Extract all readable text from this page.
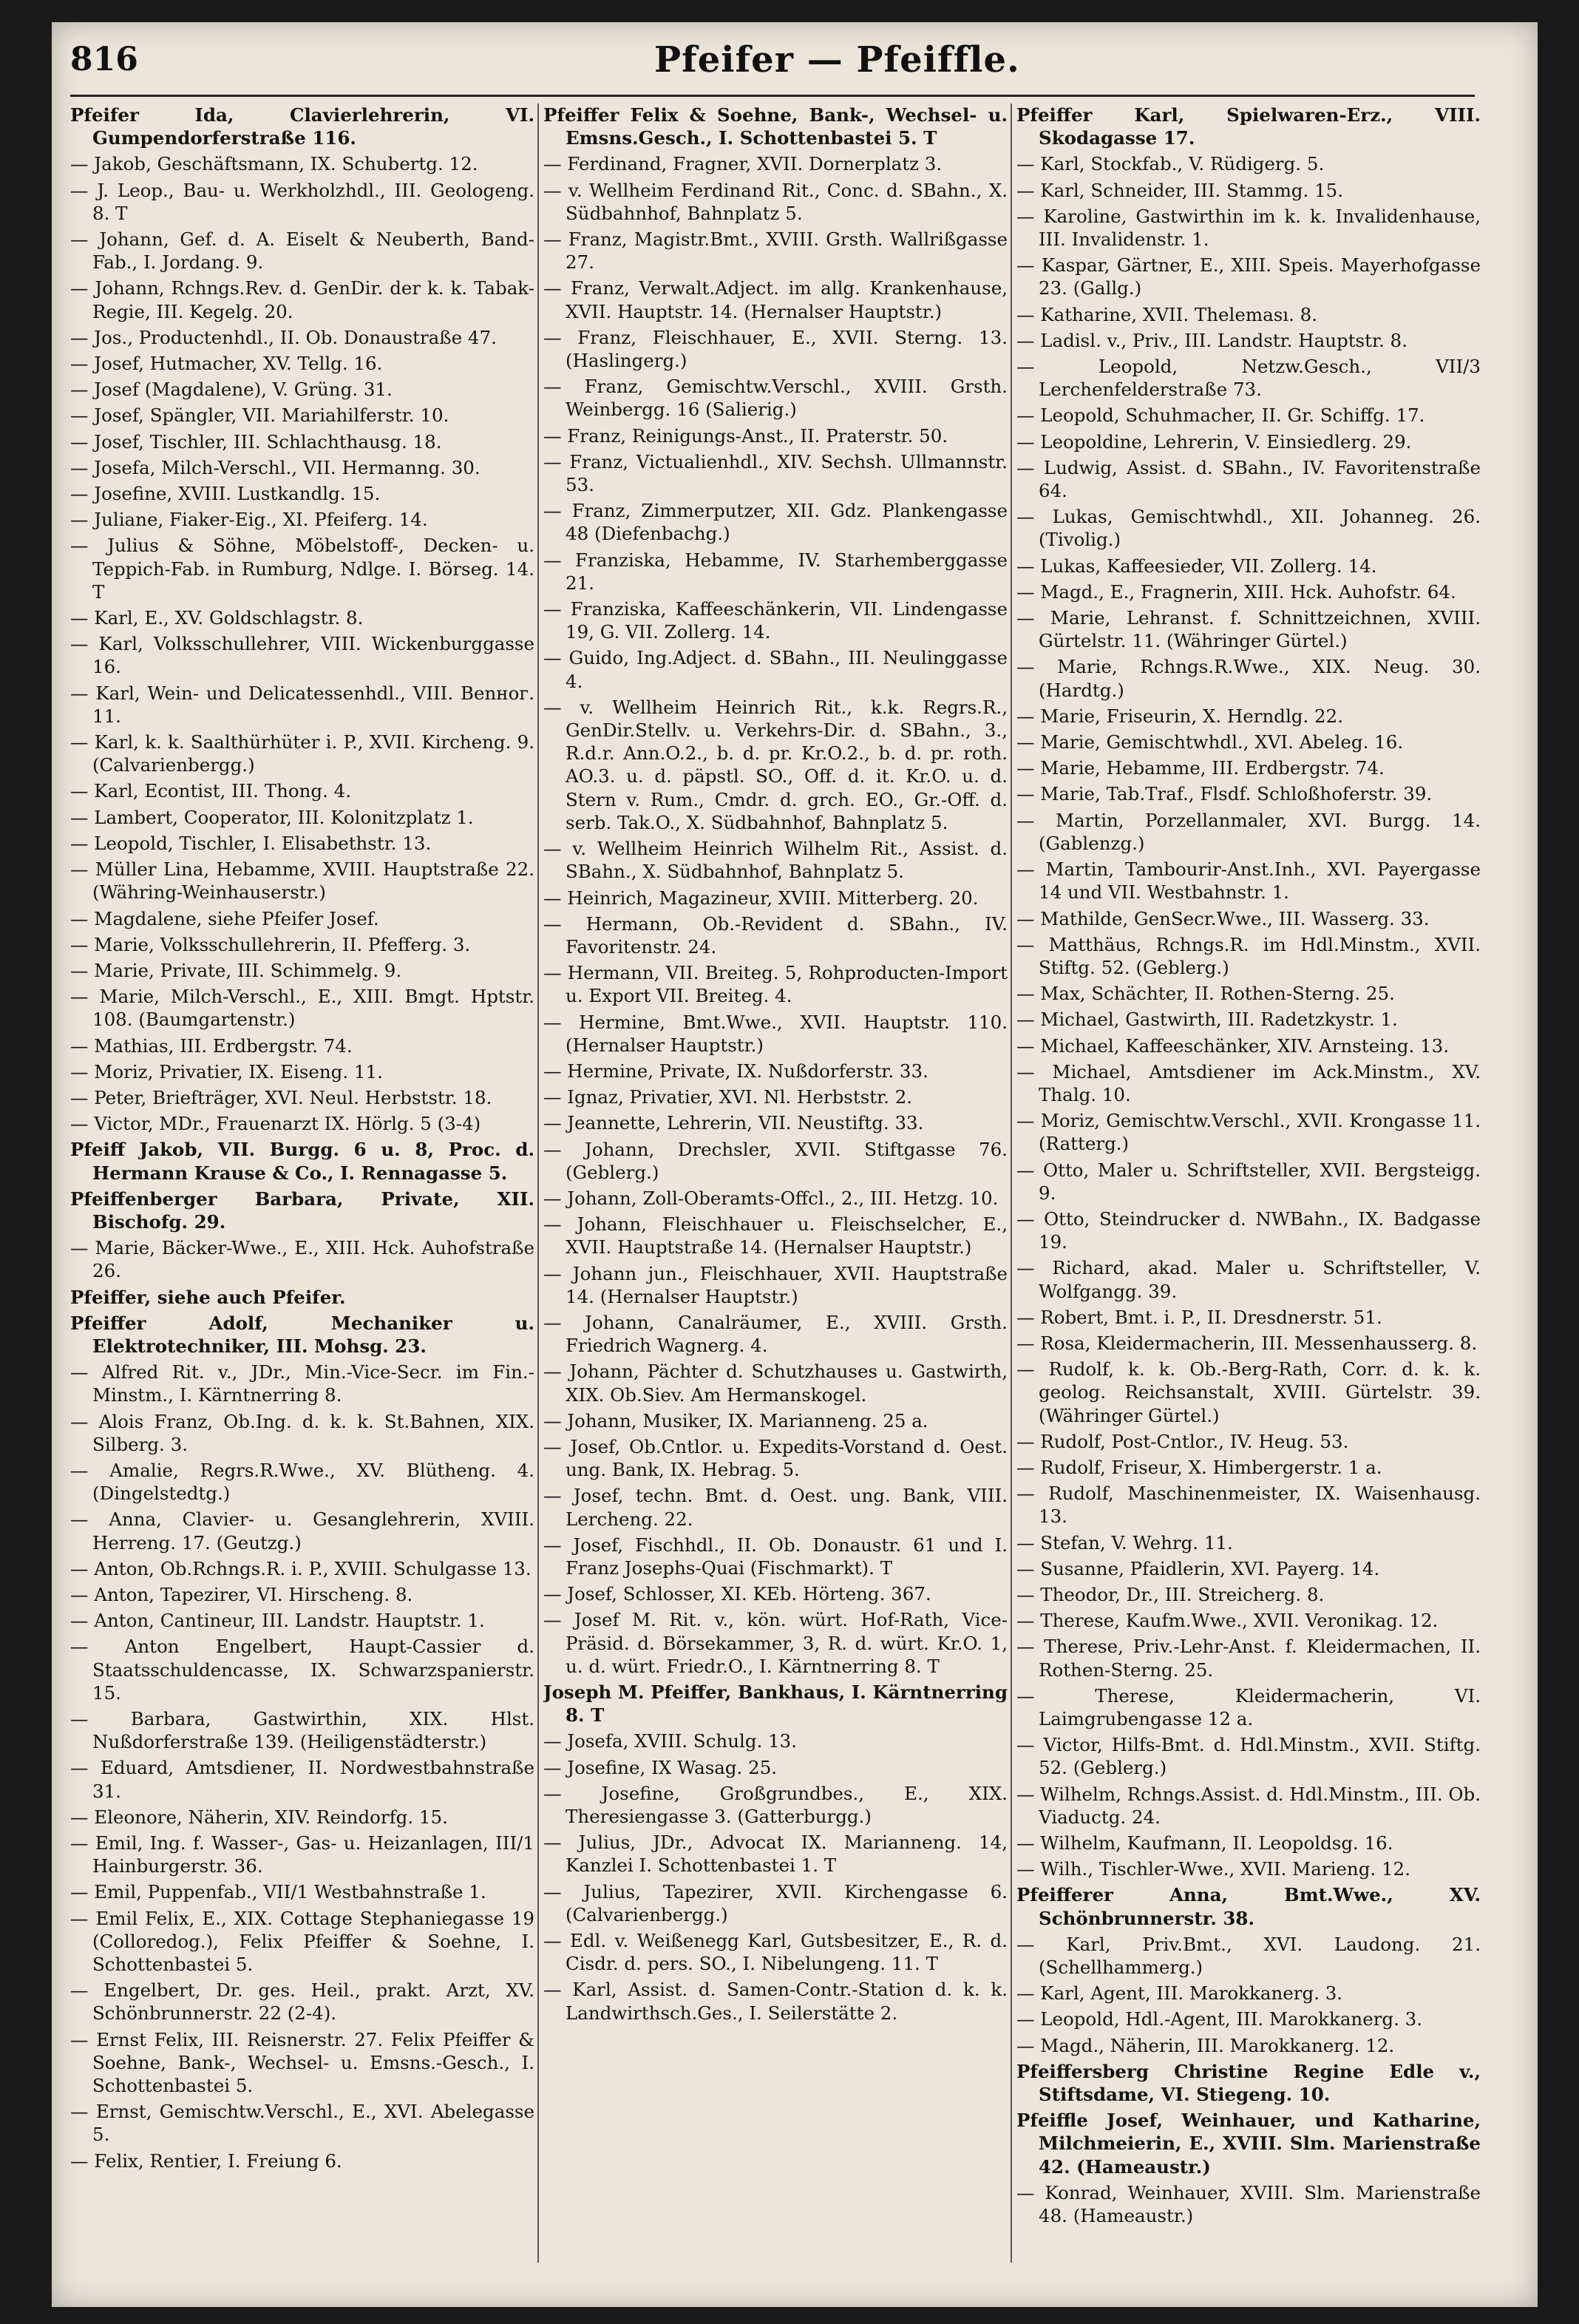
816	Pfeifer — Pfeiffle.
Pfeifer Ida, Clavierlehrerin, VI. Gumpendorferstraße 116.
— Jakob, Geschäftsmann, IX. Schubertg. 12.
— J. Leop., Bau- u. Werkholzhdl., III. Geologeng. 8. T
— Johann, Gef. d. A. Eiselt & Neuberth, Band-Fab., I. Jordang. 9.
— Johann, Rchngs.Rev. d. GenDir. der k. k. Tabak-Regie, III. Kegelg. 20.
— Jos., Productenhdl., II. Ob. Donaustraße 47.
— Josef, Hutmacher, XV. Tellg. 16.
— Josef (Magdalene), V. Grüng. 31.
— Josef, Spängler, VII. Mariahilferstr. 10.
— Josef, Tischler, III. Schlachthausg. 18.
— Josefa, Milch-Verschl., VII. Hermanng. 30.
— Josefine, XVIII. Lustkandlg. 15.
— Juliane, Fiaker-Eig., XI. Pfeiferg. 14.
— Julius & Söhne, Möbelstoff-, Decken- u. Teppich-Fab. in Rumburg, Ndlge. I. Börseg. 14. T
— Karl, E., XV. Goldschlagstr. 8.
— Karl, Volksschullehrer, VIII. Wickenburggasse 16.
— Karl, Wein- und Delicatessenhdl., VIII. Benног. 11.
— Karl, k. k. Saalthürhüter i. P., XVII. Kircheng. 9. (Calvarienbergg.)
— Karl, Econtist, III. Thong. 4.
— Lambert, Cooperator, III. Kolonitzplatz 1.
— Leopold, Tischler, I. Elisabethstr. 13.
— Müller Lina, Hebamme, XVIII. Hauptstraße 22. (Währing-Weinhauserstr.)
— Magdalene, siehe Pfeifer Josef.
— Marie, Volksschullehrerin, II. Pfefferg. 3.
— Marie, Private, III. Schimmelg. 9.
— Marie, Milch-Verschl., E., XIII. Bmgt. Hptstr. 108. (Baumgartenstr.)
— Mathias, III. Erdbergstr. 74.
— Moriz, Privatier, IX. Eiseng. 11.
— Peter, Briefträger, XVI. Neul. Herbststr. 18.
— Victor, MDr., Frauenarzt IX. Hörlg. 5 (3-4)
Pfeiff Jakob, VII. Burgg. 6 u. 8, Proc. d. Hermann Krause & Co., I. Rennagasse 5.
Pfeiffenberger Barbara, Private, XII. Bischofg. 29.
— Marie, Bäcker-Wwe., E., XIII. Hck. Auhofstraße 26.
Pfeiffer, siehe auch Pfeifer.
Pfeiffer Adolf, Mechaniker u. Elektrotechniker, III. Mohsg. 23.
— Alfred Rit. v., JDr., Min.-Vice-Secr. im Fin.-Minstm., I. Kärntnerring 8.
— Alois Franz, Ob.Ing. d. k. k. St.Bahnen, XIX. Silberg. 3.
— Amalie, Regrs.R.Wwe., XV. Blütheng. 4. (Dingelstedtg.)
— Anna, Clavier- u. Gesanglehrerin, XVIII. Herreng. 17. (Geutzg.)
— Anton, Ob.Rchngs.R. i. P., XVIII. Schulgasse 13.
— Anton, Tapezirer, VI. Hirscheng. 8.
— Anton, Cantineur, III. Landstr. Hauptstr. 1.
— Anton Engelbert, Haupt-Cassier d. Staatsschuldencasse, IX. Schwarzspanierstr. 15.
— Barbara, Gastwirthin, XIX. Hlst. Nußdorferstraße 139. (Heiligenstädterstr.)
— Eduard, Amtsdiener, II. Nordwestbahnstraße 31.
— Eleonore, Näherin, XIV. Reindorfg. 15.
— Emil, Ing. f. Wasser-, Gas- u. Heizanlagen, III/1 Hainburgerstr. 36.
— Emil, Puppenfab., VII/1 Westbahnstraße 1.
— Emil Felix, E., XIX. Cottage Stephaniegasse 19 (Colloredog.), Felix Pfeiffer & Soehne, I. Schottenbastei 5.
— Engelbert, Dr. ges. Heil., prakt. Arzt, XV. Schönbrunnerstr. 22 (2-4).
— Ernst Felix, III. Reisnerstr. 27. Felix Pfeiffer & Soehne, Bank-, Wechsel- u. Emsns.-Gesch., I. Schottenbastei 5.
— Ernst, Gemischtw.Verschl., E., XVI. Abelegasse 5.
— Felix, Rentier, I. Freiung 6.
Pfeiffer Felix & Soehne, Bank-, Wechsel- u. Emsns.Gesch., I. Schottenbastei 5. T
— Ferdinand, Fragner, XVII. Dornerplatz 3.
— v. Wellheim Ferdinand Rit., Conc. d. SBahn., X. Südbahnhof, Bahnplatz 5.
— Franz, Magistr.Bmt., XVIII. Grsth. Wallrißgasse 27.
— Franz, Verwalt.Adject. im allg. Krankenhause, XVII. Hauptstr. 14. (Hernalser Hauptstr.)
— Franz, Fleischhauer, E., XVII. Sterng. 13. (Haslingerg.)
— Franz, Gemischtw.Verschl., XVIII. Grsth. Weinbergg. 16 (Salierig.)
— Franz, Reinigungs-Anst., II. Praterstr. 50.
— Franz, Victualienhdl., XIV. Sechsh. Ullmannstr. 53.
— Franz, Zimmerputzer, XII. Gdz. Plankengasse 48 (Diefenbachg.)
— Franziska, Hebamme, IV. Starhemberggasse 21.
— Franziska, Kaffeeschänkerin, VII. Lindengasse 19, G. VII. Zollerg. 14.
— Guido, Ing.Adject. d. SBahn., III. Neulinggasse 4.
— v. Wellheim Heinrich Rit., k.k. Regrs.R., GenDir.Stellv. u. Verkehrs-Dir. d. SBahn., 3., R.d.r. Ann.O.2., b. d. pr. Kr.O.2., b. d. pr. roth. AO.3. u. d. päpstl. SO., Off. d. it. Kr.O. u. d. Stern v. Rum., Cmdr. d. grch. EO., Gr.-Off. d. serb. Tak.O., X. Südbahnhof, Bahnplatz 5.
— v. Wellheim Heinrich Wilhelm Rit., Assist. d. SBahn., X. Südbahnhof, Bahnplatz 5.
— Heinrich, Magazineur, XVIII. Mitterberg. 20.
— Hermann, Ob.-Revident d. SBahn., IV. Favoritenstr. 24.
— Hermann, VII. Breiteg. 5, Rohproducten-Import u. Export VII. Breiteg. 4.
— Hermine, Bmt.Wwe., XVII. Hauptstr. 110. (Hernalser Hauptstr.)
— Hermine, Private, IX. Nußdorferstr. 33.
— Ignaz, Privatier, XVI. Nl. Herbststr. 2.
— Jeannette, Lehrerin, VII. Neustiftg. 33.
— Johann, Drechsler, XVII. Stiftgasse 76. (Geblerg.)
— Johann, Zoll-Oberamts-Offcl., 2., III. Hetzg. 10.
— Johann, Fleischhauer u. Fleischselcher, E., XVII. Hauptstraße 14. (Hernalser Hauptstr.)
— Johann jun., Fleischhauer, XVII. Hauptstraße 14. (Hernalser Hauptstr.)
— Johann, Canalräumer, E., XVIII. Grsth. Friedrich Wagnerg. 4.
— Johann, Pächter d. Schutzhauses u. Gastwirth, XIX. Ob.Siev. Am Hermanskogel.
— Johann, Musiker, IX. Marianneng. 25 a.
— Josef, Ob.Cntlor. u. Expedits-Vorstand d. Oest. ung. Bank, IX. Hebrag. 5.
— Josef, techn. Bmt. d. Oest. ung. Bank, VIII. Lercheng. 22.
— Josef, Fischhdl., II. Ob. Donaustr. 61 und I. Franz Josephs-Quai (Fischmarkt). T
— Josef, Schlosser, XI. KEb. Hörteng. 367.
— Josef M. Rit. v., kön. würt. Hof-Rath, Vice-Präsid. d. Börsekammer, 3, R. d. würt. Kr.O. 1, u. d. würt. Friedr.O., I. Kärntnerring 8. T
Joseph M. Pfeiffer, Bankhaus, I. Kärntnerring 8. T
— Josefa, XVIII. Schulg. 13.
— Josefine, IX Wasag. 25.
— Josefine, Großgrundbes., E., XIX. Theresiengasse 3. (Gatterburgg.)
— Julius, JDr., Advocat IX. Marianneng. 14, Kanzlei I. Schottenbastei 1. T
— Julius, Tapezirer, XVII. Kirchengasse 6. (Calvarienbergg.)
— Edl. v. Weißenegg Karl, Gutsbesitzer, E., R. d. Cisdr. d. pers. SO., I. Nibelungeng. 11. T
— Karl, Assist. d. Samen-Contr.-Station d. k. k. Landwirthsch.Ges., I. Seilerstätte 2.
Pfeiffer Karl, Spielwaren-Erz., VIII. Skodagasse 17.
— Karl, Stockfab., V. Rüdigerg. 5.
— Karl, Schneider, III. Stammg. 15.
— Karoline, Gastwirthin im k. k. Invalidenhause, III. Invalidenstr. 1.
— Kaspar, Gärtner, E., XIII. Speis. Mayerhofgasse 23. (Gallg.)
— Katharine, XVII. Theleması. 8.
— Ladisl. v., Priv., III. Landstr. Hauptstr. 8.
— Leopold, Netzw.Gesch., VII/3 Lerchenfelderstraße 73.
— Leopold, Schuhmacher, II. Gr. Schiffg. 17.
— Leopoldine, Lehrerin, V. Einsiedlerg. 29.
— Ludwig, Assist. d. SBahn., IV. Favoritenstraße 64.
— Lukas, Gemischtwhdl., XII. Johanneg. 26. (Tivolig.)
— Lukas, Kaffeesieder, VII. Zollerg. 14.
— Magd., E., Fragnerin, XIII. Hck. Auhofstr. 64.
— Marie, Lehranst. f. Schnittzeichnen, XVIII. Gürtelstr. 11. (Währinger Gürtel.)
— Marie, Rchngs.R.Wwe., XIX. Neug. 30. (Hardtg.)
— Marie, Friseurin, X. Herndlg. 22.
— Marie, Gemischtwhdl., XVI. Abeleg. 16.
— Marie, Hebamme, III. Erdbergstr. 74.
— Marie, Tab.Traf., Flsdf. Schloßhoferstr. 39.
— Martin, Porzellanmaler, XVI. Burgg. 14. (Gablenzg.)
— Martin, Tambourir-Anst.Inh., XVI. Payergasse 14 und VII. Westbahnstr. 1.
— Mathilde, GenSecr.Wwe., III. Wasserg. 33.
— Matthäus, Rchngs.R. im Hdl.Minstm., XVII. Stiftg. 52. (Geblerg.)
— Max, Schächter, II. Rothen-Sterng. 25.
— Michael, Gastwirth, III. Radetzkystr. 1.
— Michael, Kaffeeschänker, XIV. Arnsteing. 13.
— Michael, Amtsdiener im Ack.Minstm., XV. Thalg. 10.
— Moriz, Gemischtw.Verschl., XVII. Krongasse 11. (Ratterg.)
— Otto, Maler u. Schriftsteller, XVII. Bergsteigg. 9.
— Otto, Steindrucker d. NWBahn., IX. Badgasse 19.
— Richard, akad. Maler u. Schriftsteller, V. Wolfgangg. 39.
— Robert, Bmt. i. P., II. Dresdnerstr. 51.
— Rosa, Kleidermacherin, III. Messenhausserg. 8.
— Rudolf, k. k. Ob.-Berg-Rath, Corr. d. k. k. geolog. Reichsanstalt, XVIII. Gürtelstr. 39. (Währinger Gürtel.)
— Rudolf, Post-Cntlor., IV. Heug. 53.
— Rudolf, Friseur, X. Himbergerstr. 1 a.
— Rudolf, Maschinenmeister, IX. Waisenhausg. 13.
— Stefan, V. Wehrg. 11.
— Susanne, Pfaidlerin, XVI. Payerg. 14.
— Theodor, Dr., III. Streicherg. 8.
— Therese, Kaufm.Wwe., XVII. Veronikag. 12.
— Therese, Priv.-Lehr-Anst. f. Kleidermachen, II. Rothen-Sterng. 25.
— Therese, Kleidermacherin, VI. Laimgrubengasse 12 a.
— Victor, Hilfs-Bmt. d. Hdl.Minstm., XVII. Stiftg. 52. (Geblerg.)
— Wilhelm, Rchngs.Assist. d. Hdl.Minstm., III. Ob. Viaductg. 24.
— Wilhelm, Kaufmann, II. Leopoldsg. 16.
— Wilh., Tischler-Wwe., XVII. Marieng. 12.
Pfeifferer Anna, Bmt.Wwe., XV. Schönbrunnerstr. 38.
— Karl, Priv.Bmt., XVI. Laudong. 21. (Schellhammerg.)
— Karl, Agent, III. Marokkanerg. 3.
— Leopold, Hdl.-Agent, III. Marokkanerg. 3.
— Magd., Näherin, III. Marokkanerg. 12.
Pfeiffersberg Christine Regine Edle v., Stiftsdame, VI. Stiegeng. 10.
Pfeiffle Josef, Weinhauer, und Katharine, Milchmeierin, E., XVIII. Slm. Marienstraße 42. (Hameaustr.)
— Konrad, Weinhauer, XVIII. Slm. Marienstraße 48. (Hameaustr.)
